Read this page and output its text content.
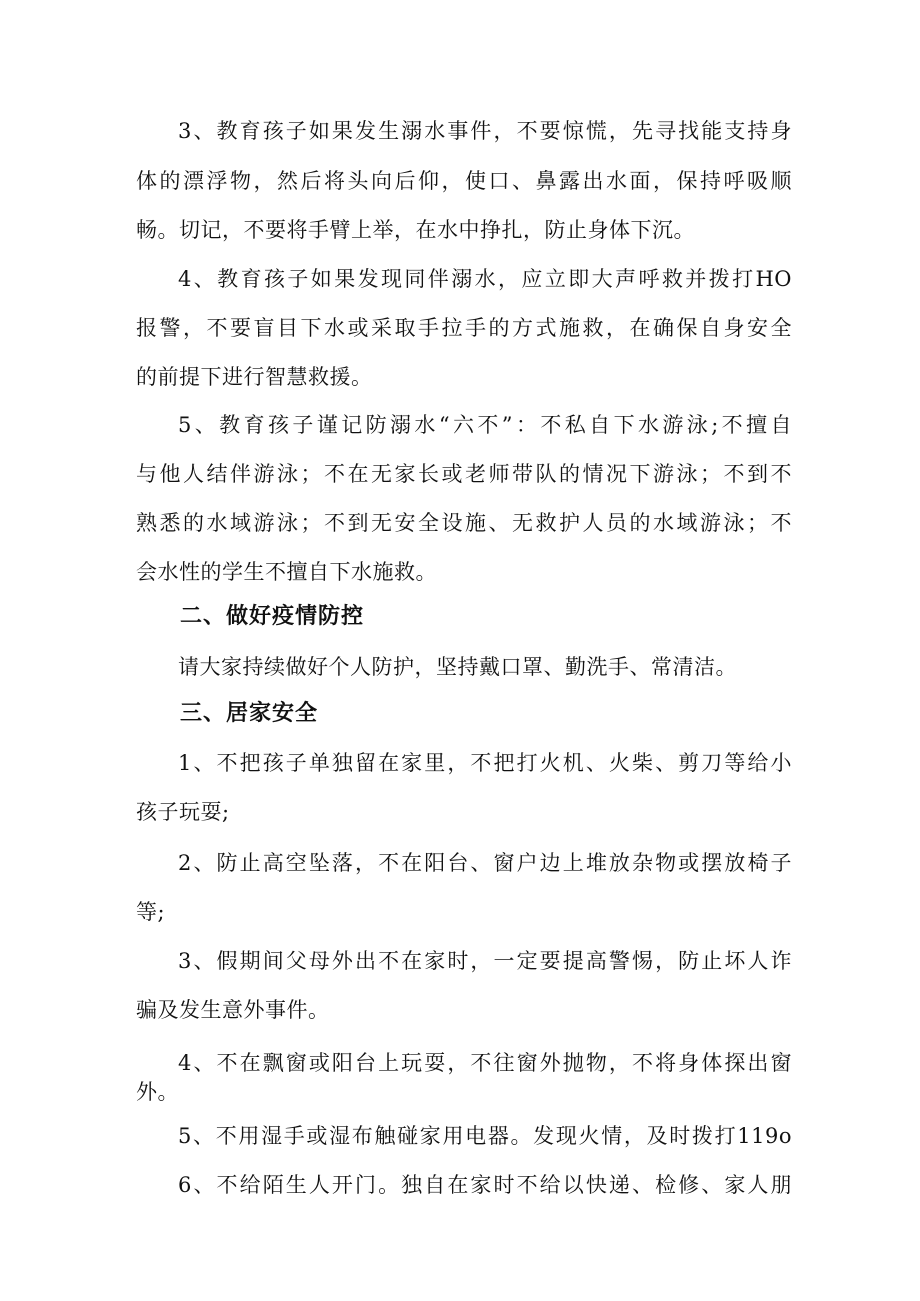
3、教育孩子如果发生溺水事件，不要惊慌，先寻找能支持身
体的漂浮物，然后将头向后仰，使口、鼻露出水面，保持呼吸顺
畅。切记，不要将手臂上举，在水中挣扎，防止身体下沉。
4、教育孩子如果发现同伴溺水，应立即大声呼救并拨打HO
报警，不要盲目下水或采取手拉手的方式施救，在确保自身安全
的前提下进行智慧救援。
5、教育孩子谨记防溺水“六不”：不私自下水游泳;不擅自
与他人结伴游泳；不在无家长或老师带队的情况下游泳；不到不
熟悉的水域游泳；不到无安全设施、无救护人员的水域游泳；不
会水性的学生不擅自下水施救。
二、做好疫情防控
请大家持续做好个人防护，坚持戴口罩、勤洗手、常清洁。
三、居家安全
1、不把孩子单独留在家里，不把打火机、火柴、剪刀等给小
孩子玩耍;
2、防止高空坠落，不在阳台、窗户边上堆放杂物或摆放椅子
等;
3、假期间父母外出不在家时，一定要提高警惕，防止坏人诈
骗及发生意外事件。
4、不在飘窗或阳台上玩耍，不往窗外抛物，不将身体探出窗
外。
5、不用湿手或湿布触碰家用电器。发现火情，及时拨打119o
6、不给陌生人开门。独自在家时不给以快递、检修、家人朋
